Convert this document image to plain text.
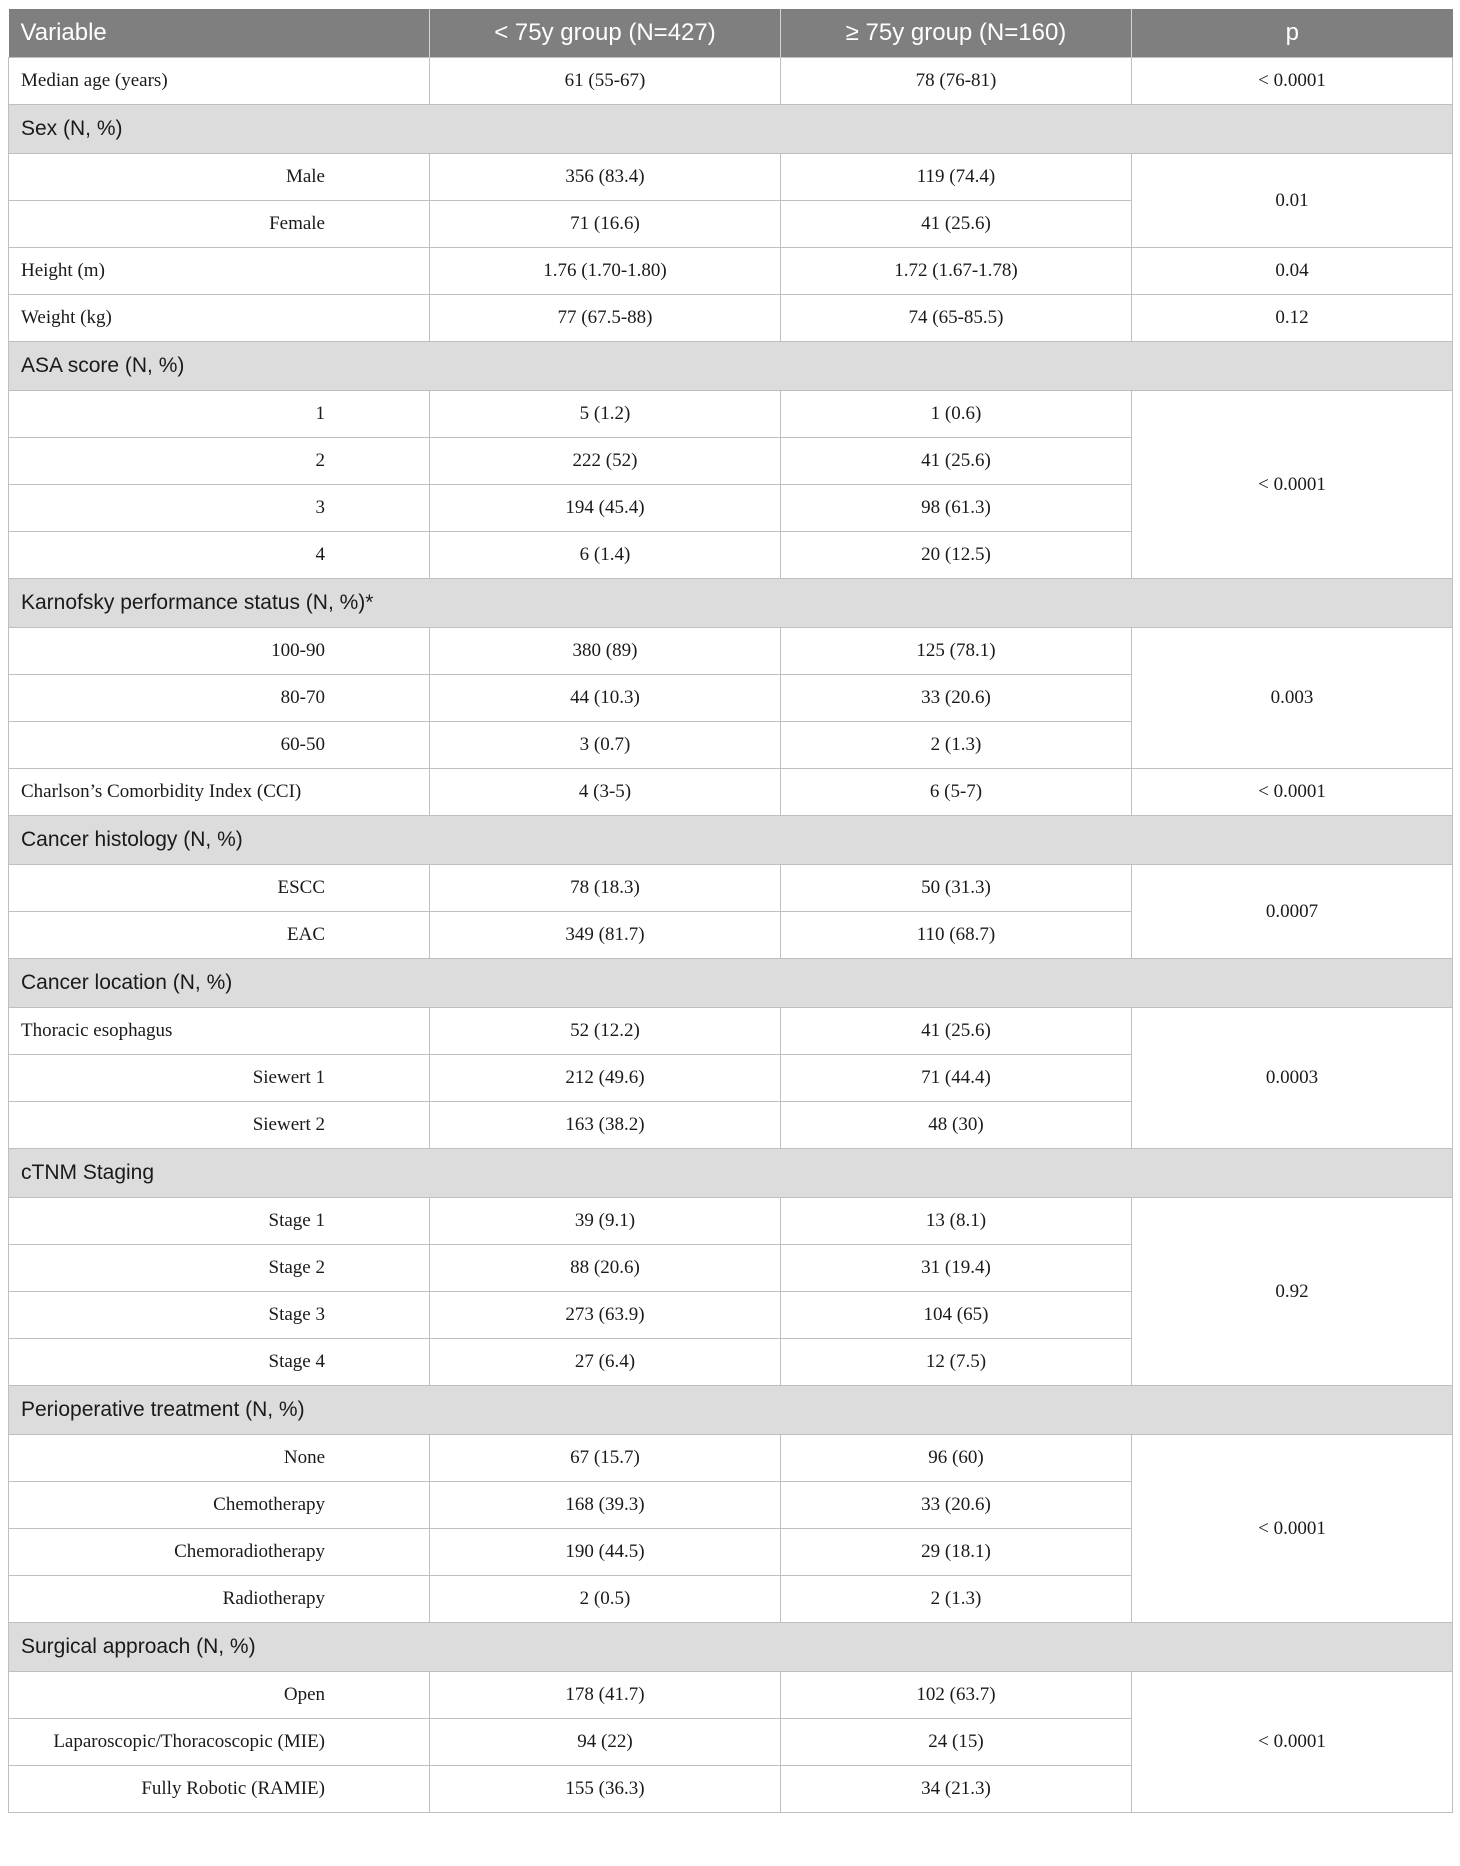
Variable	< 75y group (N=427)	≥ 75y group (N=160)	p
Median age (years)	61 (55-67)	78 (76-81)	< 0.0001
Sex (N, %)			
Male	356 (83.4)	119 (74.4)	0.01
Female	71 (16.6)	41 (25.6)	
Height (m)	1.76 (1.70-1.80)	1.72 (1.67-1.78)	0.04
Weight (kg)	77 (67.5-88)	74 (65-85.5)	0.12
ASA score (N, %)			
1	5 (1.2)	1 (0.6)	< 0.0001
2	222 (52)	41 (25.6)	
3	194 (45.4)	98 (61.3)	
4	6 (1.4)	20 (12.5)	
Karnofsky performance status (N, %)*			
100-90	380 (89)	125 (78.1)	0.003
80-70	44 (10.3)	33 (20.6)	
60-50	3 (0.7)	2 (1.3)	
Charlson’s Comorbidity Index (CCI)	4 (3-5)	6 (5-7)	< 0.0001
Cancer histology (N, %)			
ESCC	78 (18.3)	50 (31.3)	0.0007
EAC	349 (81.7)	110 (68.7)	
Cancer location (N, %)			
Thoracic esophagus	52 (12.2)	41 (25.6)	0.0003
Siewert 1	212 (49.6)	71 (44.4)	
Siewert 2	163 (38.2)	48 (30)	
cTNM Staging			
Stage 1	39 (9.1)	13 (8.1)	0.92
Stage 2	88 (20.6)	31 (19.4)	
Stage 3	273 (63.9)	104 (65)	
Stage 4	27 (6.4)	12 (7.5)	
Perioperative treatment (N, %)			
None	67 (15.7)	96 (60)	< 0.0001
Chemotherapy	168 (39.3)	33 (20.6)	
Chemoradiotherapy	190 (44.5)	29 (18.1)	
Radiotherapy	2 (0.5)	2 (1.3)	
Surgical approach (N, %)			
Open	178 (41.7)	102 (63.7)	< 0.0001
Laparoscopic/Thoracoscopic (MIE)	94 (22)	24 (15)	
Fully Robotic (RAMIE)	155 (36.3)	34 (21.3)	
